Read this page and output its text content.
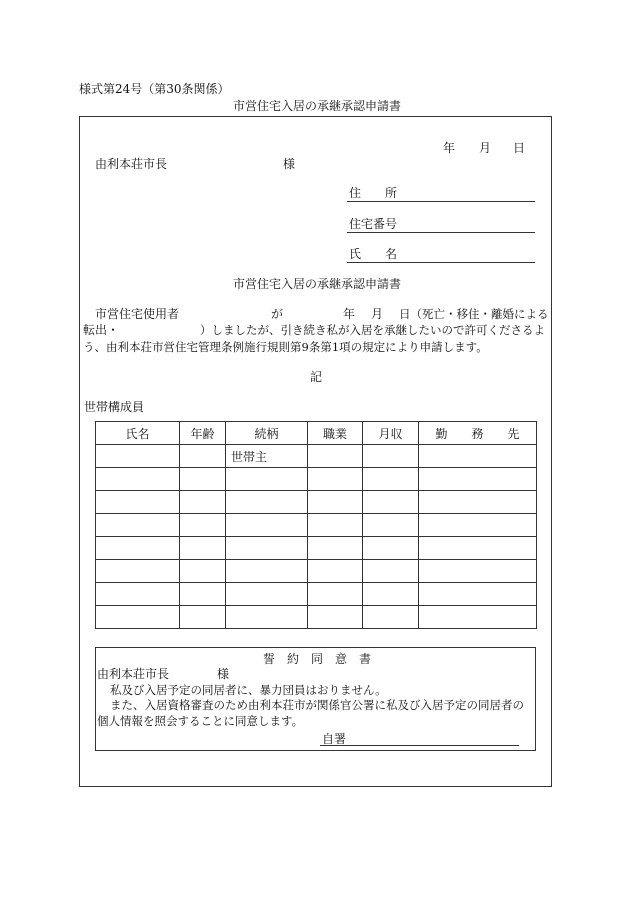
様式第24号（第30条関係）
市営住宅入居の承継承認申請書
年 月 日
由利本荘市長	様
住　　所
住宅番号
氏　　名
市営住宅入居の承継承認申請書
市営住宅使用者	が	年 月 日（死亡・移住・離婚による
転出・	）しましたが、引き続き私が入居を承継したいので許可くださるよ
う、由利本荘市営住宅管理条例施行規則第9条第1項の規定により申請します。
記
世帯構成員
氏名	年齢	続柄	職業	月収	勤　　務　　先
		世帯主			

誓　約　同　意　書
由利本荘市長	様
私及び入居予定の同居者に、暴力団員はおりません。
また、入居資格審査のため由利本荘市が関係官公署に私及び入居予定の同居者の
個人情報を照会することに同意します。
自署
